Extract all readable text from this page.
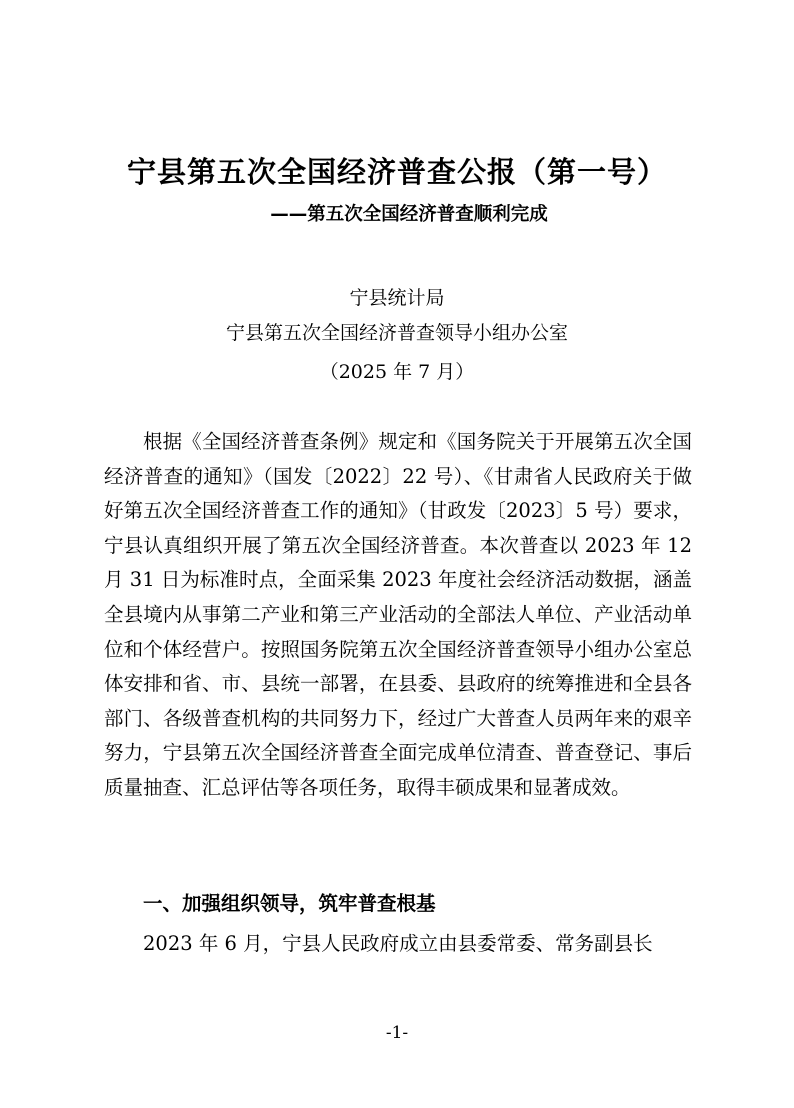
宁县第五次全国经济普查公报（第一号）
——第五次全国经济普查顺利完成
宁县统计局
宁县第五次全国经济普查领导小组办公室
（2025 年 7 月）

根据《全国经济普查条例》规定和《国务院关于开展第五次全国经济普查的通知》（国发〔2022〕22 号）、《甘肃省人民政府关于做好第五次全国经济普查工作的通知》（甘政发〔2023〕5 号）要求，宁县认真组织开展了第五次全国经济普查。本次普查以 2023 年 12 月 31 日为标准时点，全面采集 2023 年度社会经济活动数据，涵盖全县境内从事第二产业和第三产业活动的全部法人单位、产业活动单位和个体经营户。按照国务院第五次全国经济普查领导小组办公室总体安排和省、市、县统一部署，在县委、县政府的统筹推进和全县各部门、各级普查机构的共同努力下，经过广大普查人员两年来的艰辛努力，宁县第五次全国经济普查全面完成单位清查、普查登记、事后质量抽查、汇总评估等各项任务，取得丰硕成果和显著成效。

一、加强组织领导，筑牢普查根基

2023 年 6 月，宁县人民政府成立由县委常委、常务副县长

-1-
